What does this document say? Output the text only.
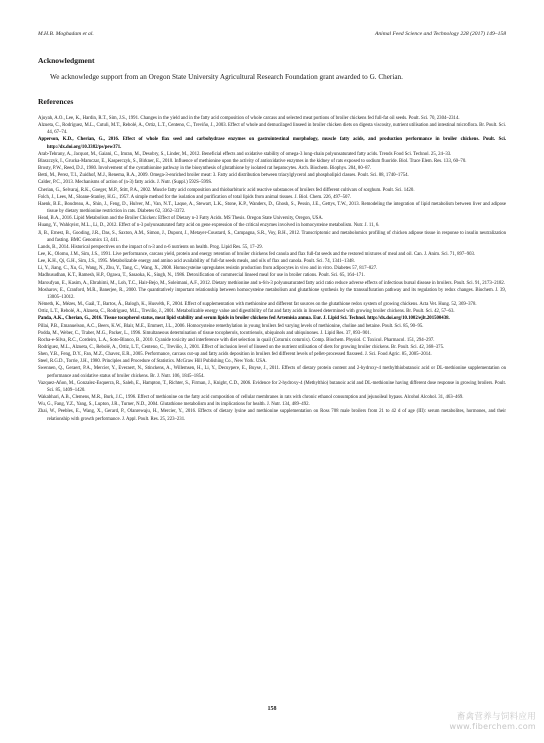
M.H.B. Moghadam et al.	Animal Feed Science and Technology 228 (2017) 149–158
Acknowledgment

We acknowledge support from an Oregon State University Agricultural Research Foundation grant awarded to G. Cherian.

References
Ajuyah, A.O., Lee, K., Hardin, R.T., Sim, J.S., 1991. Changes in the yield and in the fatty acid composition of whole carcass and selected meat portions of broiler chickens fed full-fat oil seeds. Poult. Sci. 70, 2304–2314.
Alzueta, C., Rodríguez, M.L., Cutuli, M.T., Rebolé, A., Ortiz, L.T., Centeno, C., Treviño, J., 2003. Effect of whole and demucilaged linseed in broiler chicken diets on digesta viscosity, nutrient utilisation and intestinal microflora. Br. Poult. Sci. 44, 67–74.
Apperson, K.D., Cherian, G., 2016. Effect of whole flax seed and carbohydrase enzymes on gastrointestinal morphology, muscle fatty acids, and production performance in broiler chickens. Poult. Sci. http://dx.doi.org/10.3382/ps/pew371.
Arab-Tehrany, A., Jacquot, M., Gaiani, C., Imran, M., Desobry, S., Linder, M., 2012. Beneficial effects and oxidative stability of omega-3 long-chain polyunsaturated fatty acids. Trends Food Sci. Technol. 25, 24–33.
Blaszczyk, I., Grucka-Mamczar, E., Kasperczyk, S., Birkner, E., 2010. Influence of methionine upon the activity of antioxidative enzymes in the kidney of rats exposed to sodium fluoride. Biol. Trace Elem. Res. 133, 60–70.
Brosty, P.W., Reed, D.J., 1980. Involvement of the cystathionine pathway in the biosynthesis of glutathione by isolated rat hepatocytes. Arch. Biochem. Biophys. 204, 80–87.
Betti, M., Perez, T.I., Zuidhof, M.J., Renema, R.A., 2009. Omega-3-enriched broiler meat: 3. Fatty acid distribution between triacylglycerol and phospholipid classes. Poult. Sci. 88, 1740–1754.
Calder, P.C., 2013. Mechanisms of action of (n-3) fatty acids. J. Nutr. (Suppl.) 592S–599S.
Cherian, G., Selvaraj, R.K., Goeger, M.P., Stitt, P.A., 2002. Muscle fatty acid composition and thiobarbituric acid reactive substances of broilers fed different cultivars of sorghum. Poult. Sci. 1420.
Folch, J., Lees, M., Sloane-Stanley, H.G., 1957. A simple method for the isolation and purification of total lipids from animal tissues. J. Biol. Chem. 226, 497–507.
Haenk, B.E., Boudreau, A., Shin, J., Feng, D., Hulver, M., Van, N.T., Laque, A., Stewart, L.K., Stone, K.P., Wanders, D., Ghosh, S., Pessin, J.E., Gettys, T.W., 2013. Remodeling the integration of lipid metabolism between liver and adipose tissue by dietary methionine restriction in rats. Diabetes 62, 3362–3372.
Head, B.A., 2016. Lipid Metabolism and the Broiler Chicken: Effect of Dietary n-3 Fatty Acids. MS Thesis. Oregon State University, Oregon, USA.
Huang, Y., Wahlqvist, M.L., Li, D., 2012. Effect of n-3 polyunsaturated fatty acid on gene expression of the critical enzymes involved in homocysteine metabolism. Nutr. J. 11, 6.
Ji, B., Ernest, B., Gooding, J.R., Das, S., Saxton, A.M., Simon, J., Dupont, J., Metayer-Coustard, S., Campagna, S.R., Voy, B.H., 2012. Transcriptomic and metabolomics profiling of chicken adipose tissue in response to insulin neutralization and fasting. BMC Genomics 13, 441.
Lands, B., 2014. Historical perspectives on the impact of n-3 and n-6 nutrients on health. Prog. Lipid Res. 55, 17–29.
Lee, K., Olomu, J.M., Sim, J.S., 1991. Live performance, carcass yield, protein and energy retention of broiler chickens fed canola and flax full-fat seeds and the restored mixtures of meal and oil. Can. J. Anim. Sci. 71, 897–903.
Lee, K.H., Qi, G.H., Sim, J.S., 1995. Metabolizable energy and amino acid availability of full-fat seeds meals, and oils of flax and canola. Poult. Sci. 74, 1341–1348.
Li, Y., Jiang, C., Xu, G., Wang, N., Zhu, Y., Tang, C., Wang, X., 2008. Homocysteine upregulates resistin production from adipocytes in vivo and in vitro. Diabetes 57, 817–827.
Madhusudhan, K.T., Ramesh, H.P., Ogawa, T., Sasaoka, K., Singh, N., 1986. Detoxification of commercial linseed meal for use in broiler rations. Poult. Sci. 65, 164–171.
Maroufyan, E., Kasim, A., Ebrahimi, M., Loh, T.C., Hair-Bejo, M., Soleimani, A.F., 2012. Dietary methionine and n-6/n-3 polyunsaturated fatty acid ratio reduce adverse effects of infectious bursal disease in broilers. Poult. Sci. 91, 2173–2182.
Mosharov, E., Cranford, M.R., Banerjee, R., 2000. The quantitatively important relationship between homocysteine metabolism and glutathione synthesis by the transsulfuration pathway and its regulation by redox changes. Biochem. J. 39, 13005–13012.
Németh, K., Mézes, M., Gaál, T., Bartos, Á., Balogh, K., Husvéth, F., 2004. Effect of supplementation with methionine and different fat sources on the glutathione redox system of growing chickens. Acta Vet. Hung. 52, 369–378.
Ortiz, L.T., Rebolé, A., Alzueta, C., Rodríguez, M.L., Treviño, J., 2001. Metabolizable energy value and digestibility of fat and fatty acids in linseed determined with growing broiler chickens. Br. Poult. Sci. 42, 57–63.
Panda, A.K., Cherian, G., 2016. Tissue tocopherol status, meat lipid stability and serum lipids in broiler chickens fed Artemisia annua. Eur. J. Lipid Sci. Technol. http://dx.doi.org/10.1002/ejlt.201500438.
Pillai, P.B., Emanuelson, A.C., Beers, K.W., Blair, M.E., Emmert, J.L., 2006. Homocysteine remethylation in young broilers fed varying levels of methionine, choline and betaine. Poult. Sci. 85, 90–95.
Podda, M., Weber, C., Traber, M.G., Packer, L., 1996. Simultaneous determination of tissue tocopherols, tocotrienols, ubiquinols and ubiquinones. J. Lipid Res. 37, 893–901.
Rocha-e-Silva, R.C., Cordeiro, L.A., Soto-Blanco, B., 2010. Cyanide toxicity and interference with diet selection in quail (Coturnix coturnix). Comp. Biochem. Physiol. C Toxicol. Pharmacol. 151, 294–297.
Rodríguez, M.L., Alzueta, C., Rebolé, A., Ortiz, L.T., Centeno, C., Treviño, J., 2001. Effect of inclusion level of linseed on the nutrient utilisation of diets for growing broiler chickens. Br. Poult. Sci. 42, 368–375.
Shen, Y.B., Feng, D.Y., Fan, M.Z., Chavez, E.R., 2005. Performance, carcass cut-up and fatty acids deposition in broilers fed different levels of pellet-processed flaxseed. J. Sci. Food Agric. 85, 2005–2014.
Steel, R.G.D., Torrie, J.H., 1980. Principles and Procedure of Statistics. McGraw Hill Publishing Co., New York. USA.
Swennen, Q., Geraert, P.A., Mercier, Y., Everaert, N., Stinckens, A., Willemsen, H., Li, Y., Decuypere, E., Buyse, J., 2011. Effects of dietary protein content and 2-hydroxy-4 methylthiobutanoic acid or DL-methionine supplementation on performance and oxidative status of broiler chickens. Br. J. Nutr. 106, 1845–1854.
Vazquez-Añon, M., Gonzalez-Esquerra, R., Saleh, E., Hampton, T., Richter, S., Firman, J., Knight, C.D., 2006. Evidence for 2-hydroxy-4 (Methylthio) butanoic acid and DL-methionine having different dose response in growing broilers. Poult. Sci. 85, 1409–1420.
Wakabhari, A.B., Clemens, M.R., Burk, J.C., 1996. Effect of methionine on the fatty acid composition of cellular membranes in rats with chronic ethanol consumption and jejunoileal bypass. Alcohol Alcohol. 31, 463–469.
Wu, G., Fang, Y.Z., Yang, S., Lupton, J.R., Turner, N.D., 2004. Glutathione metabolism and its implications for health. J. Nutr. 134, 489–492.
Zhai, W., Peebles, E., Wang, X., Gerard, P., Olanrewaju, H., Mercier, Y., 2016. Effects of dietary lysine and methionine supplementation on Ross 708 male broilers from 21 to 42 d of age (III): serum metabolites, hormones, and their relationship with growth performance. J. Appl. Poult. Res. 25, 223–231.
158
畜禽营养与饲料应用
www.fiberchem.com
